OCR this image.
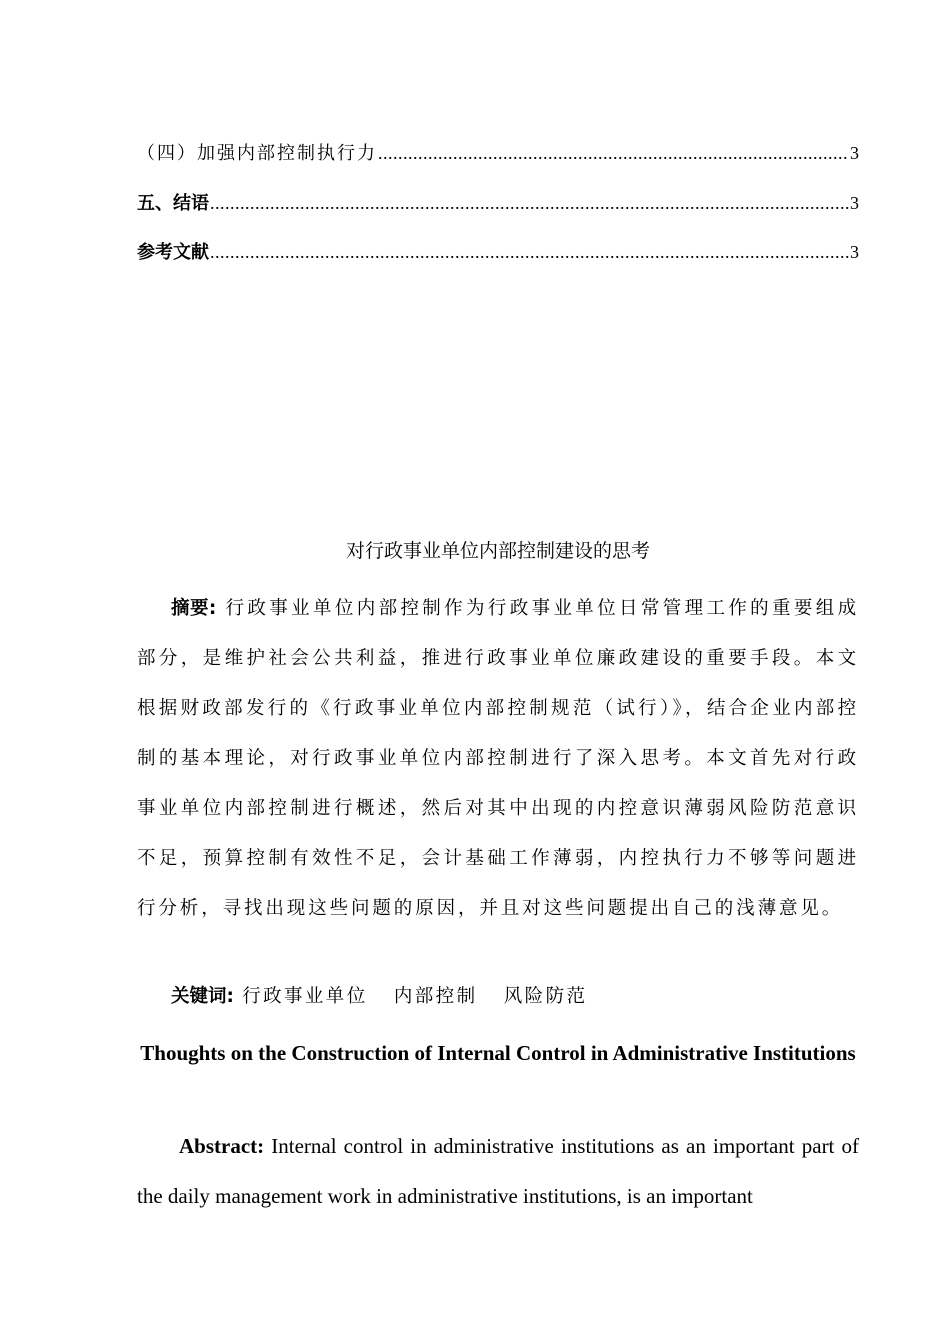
（四）加强内部控制执行力 .....	3
五、结语 .....	3
参考文献 .....	3
对行政事业单位内部控制建设的思考
摘要: 行政事业单位内部控制作为行政事业单位日常管理工作的重要组成部分，是维护社会公共利益，推进行政事业单位廉政建设的重要手段。本文根据财政部发行的《行政事业单位内部控制规范（试行）》，结合企业内部控制的基本理论，对行政事业单位内部控制进行了深入思考。本文首先对行政事业单位内部控制进行概述，然后对其中出现的内控意识薄弱风险防范意识不足，预算控制有效性不足，会计基础工作薄弱，内控执行力不够等问题进行分析，寻找出现这些问题的原因，并且对这些问题提出自己的浅薄意见。
关键词: 行政事业单位 内部控制 风险防范
Thoughts on the Construction of Internal Control in Administrative Institutions
Abstract: Internal control in administrative institutions as an important part of the daily management work in administrative institutions, is an important
